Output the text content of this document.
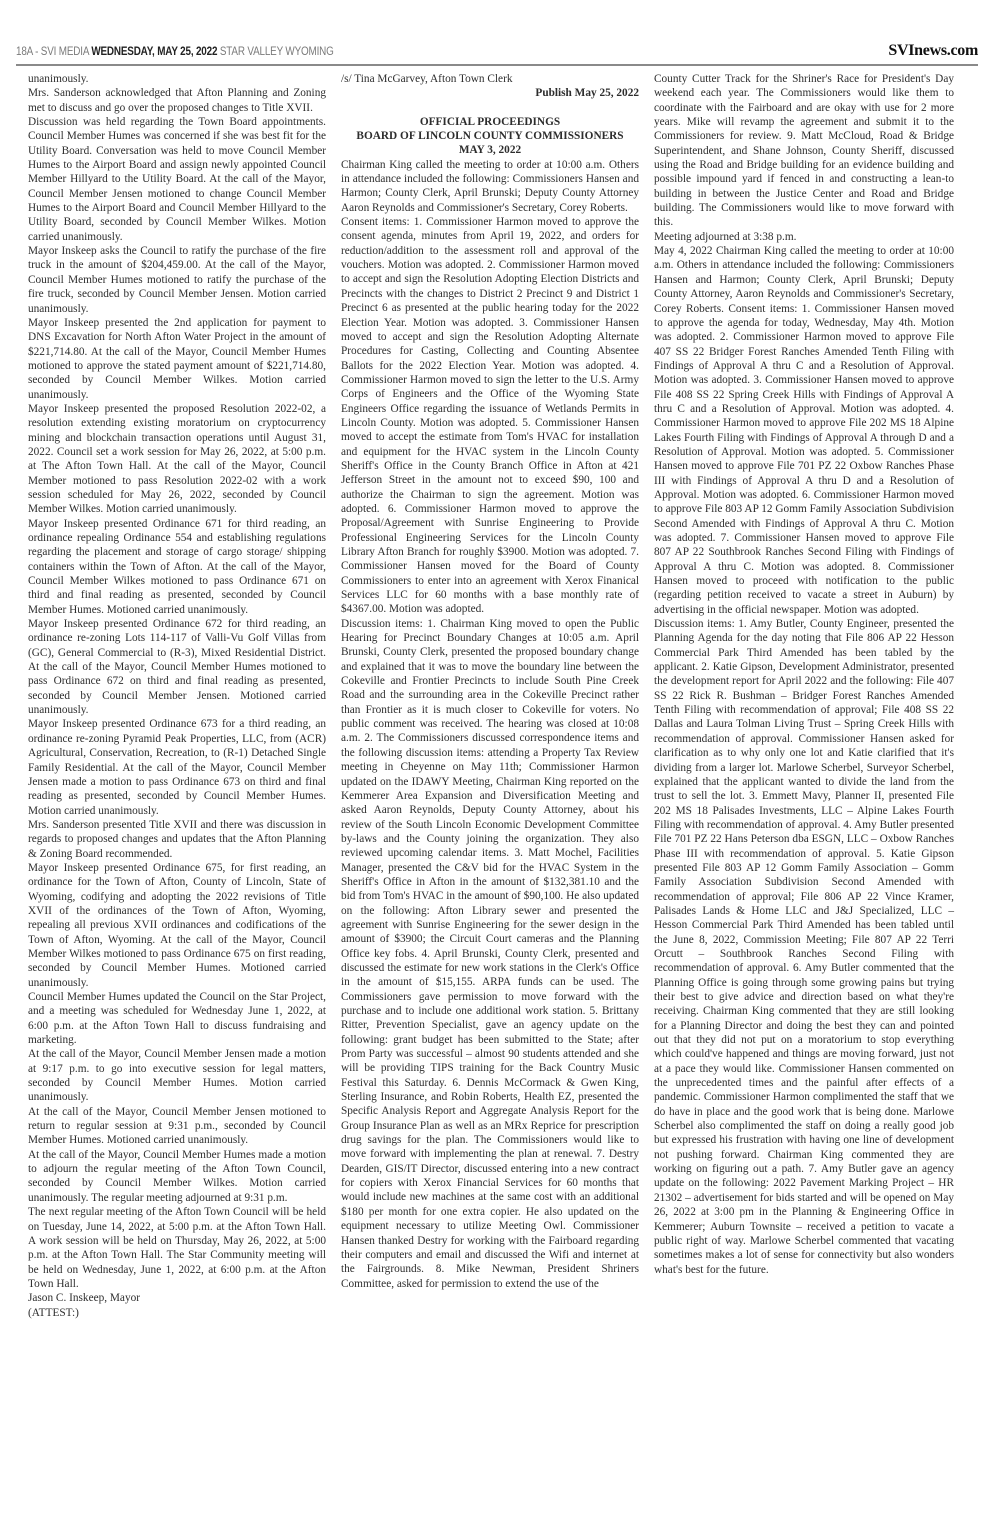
18A - SVI MEDIA WEDNESDAY, MAY 25, 2022 STAR VALLEY WYOMING	SVInews.com

unanimously.

Mrs. Sanderson acknowledged that Afton Planning and Zoning met to discuss and go over the proposed changes to Title XVII.

Discussion was held regarding the Town Board appointments. Council Member Humes was concerned if she was best fit for the Utility Board. Conversation was held to move Council Member Humes to the Airport Board and assign newly appointed Council Member Hillyard to the Utility Board. At the call of the Mayor, Council Member Jensen motioned to change Council Member Humes to the Airport Board and Council Member Hillyard to the Utility Board, seconded by Council Member Wilkes. Motion carried unanimously.

Mayor Inskeep asks the Council to ratify the purchase of the fire truck in the amount of $204,459.00. At the call of the Mayor, Council Member Humes motioned to ratify the purchase of the fire truck, seconded by Council Member Jensen. Motion carried unanimously.

Mayor Inskeep presented the 2nd application for payment to DNS Excavation for North Afton Water Project in the amount of $221,714.80. At the call of the Mayor, Council Member Humes motioned to approve the stated payment amount of $221,714.80, seconded by Council Member Wilkes. Motion carried unanimously.

Mayor Inskeep presented the proposed Resolution 2022-02, a resolution extending existing moratorium on cryptocurrency mining and blockchain transaction operations until August 31, 2022. Council set a work session for May 26, 2022, at 5:00 p.m. at The Afton Town Hall. At the call of the Mayor, Council Member motioned to pass Resolution 2022-02 with a work session scheduled for May 26, 2022, seconded by Council Member Wilkes. Motion carried unanimously.

Mayor Inskeep presented Ordinance 671 for third reading, an ordinance repealing Ordinance 554 and establishing regulations regarding the placement and storage of cargo storage/ shipping containers within the Town of Afton. At the call of the Mayor, Council Member Wilkes motioned to pass Ordinance 671 on third and final reading as presented, seconded by Council Member Humes. Motioned carried unanimously.

Mayor Inskeep presented Ordinance 672 for third reading, an ordinance re-zoning Lots 114-117 of Valli-Vu Golf Villas from (GC), General Commercial to (R-3), Mixed Residential District. At the call of the Mayor, Council Member Humes motioned to pass Ordinance 672 on third and final reading as presented, seconded by Council Member Jensen. Motioned carried unanimously.

Mayor Inskeep presented Ordinance 673 for a third reading, an ordinance re-zoning Pyramid Peak Properties, LLC, from (ACR) Agricultural, Conservation, Recreation, to (R-1) Detached Single Family Residential. At the call of the Mayor, Council Member Jensen made a motion to pass Ordinance 673 on third and final reading as presented, seconded by Council Member Humes. Motion carried unanimously.

Mrs. Sanderson presented Title XVII and there was discussion in regards to proposed changes and updates that the Afton Planning & Zoning Board recommended.

Mayor Inskeep presented Ordinance 675, for first reading, an ordinance for the Town of Afton, County of Lincoln, State of Wyoming, codifying and adopting the 2022 revisions of Title XVII of the ordinances of the Town of Afton, Wyoming, repealing all previous XVII ordinances and codifications of the Town of Afton, Wyoming. At the call of the Mayor, Council Member Wilkes motioned to pass Ordinance 675 on first reading, seconded by Council Member Humes. Motioned carried unanimously.

Council Member Humes updated the Council on the Star Project, and a meeting was scheduled for Wednesday June 1, 2022, at 6:00 p.m. at the Afton Town Hall to discuss fundraising and marketing.

At the call of the Mayor, Council Member Jensen made a motion at 9:17 p.m. to go into executive session for legal matters, seconded by Council Member Humes. Motion carried unanimously.

At the call of the Mayor, Council Member Jensen motioned to return to regular session at 9:31 p.m., seconded by Council Member Humes. Motioned carried unanimously.

At the call of the Mayor, Council Member Humes made a motion to adjourn the regular meeting of the Afton Town Council, seconded by Council Member Wilkes. Motion carried unanimously. The regular meeting adjourned at 9:31 p.m.

The next regular meeting of the Afton Town Council will be held on Tuesday, June 14, 2022, at 5:00 p.m. at the Afton Town Hall. A work session will be held on Thursday, May 26, 2022, at 5:00 p.m. at the Afton Town Hall. The Star Community meeting will be held on Wednesday, June 1, 2022, at 6:00 p.m. at the Afton Town Hall.

Jason C. Inskeep, Mayor

(ATTEST:)

/s/ Tina McGarvey, Afton Town Clerk

Publish May 25, 2022

OFFICIAL PROCEEDINGS
BOARD OF LINCOLN COUNTY COMMISSIONERS
MAY 3, 2022

Chairman King called the meeting to order at 10:00 a.m. Others in attendance included the following: Commissioners Hansen and Harmon; County Clerk, April Brunski; Deputy County Attorney Aaron Reynolds and Commissioner's Secretary, Corey Roberts.

Consent items: 1. Commissioner Harmon moved to approve the consent agenda, minutes from April 19, 2022, and orders for reduction/addition to the assessment roll and approval of the vouchers. Motion was adopted. 2. Commissioner Harmon moved to accept and sign the Resolution Adopting Election Districts and Precincts with the changes to District 2 Precinct 9 and District 1 Precinct 6 as presented at the public hearing today for the 2022 Election Year. Motion was adopted. 3. Commissioner Hansen moved to accept and sign the Resolution Adopting Alternate Procedures for Casting, Collecting and Counting Absentee Ballots for the 2022 Election Year. Motion was adopted. 4. Commissioner Harmon moved to sign the letter to the U.S. Army Corps of Engineers and the Office of the Wyoming State Engineers Office regarding the issuance of Wetlands Permits in Lincoln County. Motion was adopted. 5. Commissioner Hansen moved to accept the estimate from Tom's HVAC for installation and equipment for the HVAC system in the Lincoln County Sheriff's Office in the County Branch Office in Afton at 421 Jefferson Street in the amount not to exceed $90, 100 and authorize the Chairman to sign the agreement. Motion was adopted. 6. Commissioner Harmon moved to approve the Proposal/Agreement with Sunrise Engineering to Provide Professional Engineering Services for the Lincoln County Library Afton Branch for roughly $3900. Motion was adopted. 7. Commissioner Hansen moved for the Board of County Commissioners to enter into an agreement with Xerox Finanical Services LLC for 60 months with a base monthly rate of $4367.00. Motion was adopted.

Discussion items: 1. Chairman King moved to open the Public Hearing for Precinct Boundary Changes at 10:05 a.m. April Brunski, County Clerk, presented the proposed boundary change and explained that it was to move the boundary line between the Cokeville and Frontier Precincts to include South Pine Creek Road and the surrounding area in the Cokeville Precinct rather than Frontier as it is much closer to Cokeville for voters. No public comment was received. The hearing was closed at 10:08 a.m. 2. The Commissioners discussed correspondence items and the following discussion items: attending a Property Tax Review meeting in Cheyenne on May 11th; Commissioner Harmon updated on the IDAWY Meeting, Chairman King reported on the Kemmerer Area Expansion and Diversification Meeting and asked Aaron Reynolds, Deputy County Attorney, about his review of the South Lincoln Economic Development Committee by-laws and the County joining the organization. They also reviewed upcoming calendar items. 3. Matt Mochel, Facilities Manager, presented the C&V bid for the HVAC System in the Sheriff's Office in Afton in the amount of $132,381.10 and the bid from Tom's HVAC in the amount of $90,100. He also updated on the following: Afton Library sewer and presented the agreement with Sunrise Engineering for the sewer design in the amount of $3900; the Circuit Court cameras and the Planning Office key fobs. 4. April Brunski, County Clerk, presented and discussed the estimate for new work stations in the Clerk's Office in the amount of $15,155. ARPA funds can be used. The Commissioners gave permission to move forward with the purchase and to include one additional work station. 5. Brittany Ritter, Prevention Specialist, gave an agency update on the following: grant budget has been submitted to the State; after Prom Party was successful – almost 90 students attended and she will be providing TIPS training for the Back Country Music Festival this Saturday. 6. Dennis McCormack & Gwen King, Sterling Insurance, and Robin Roberts, Health EZ, presented the Specific Analysis Report and Aggregate Analysis Report for the Group Insurance Plan as well as an MRx Reprice for prescription drug savings for the plan. The Commissioners would like to move forward with implementing the plan at renewal. 7. Destry Dearden, GIS/IT Director, discussed entering into a new contract for copiers with Xerox Financial Services for 60 months that would include new machines at the same cost with an additional $180 per month for one extra copier. He also updated on the equipment necessary to utilize Meeting Owl. Commissioner Hansen thanked Destry for working with the Fairboard regarding their computers and email and discussed the Wifi and internet at the Fairgrounds. 8. Mike Newman, President Shriners Committee, asked for permission to extend the use of the

County Cutter Track for the Shriner's Race for President's Day weekend each year. The Commissioners would like them to coordinate with the Fairboard and are okay with use for 2 more years. Mike will revamp the agreement and submit it to the Commissioners for review. 9. Matt McCloud, Road & Bridge Superintendent, and Shane Johnson, County Sheriff, discussed using the Road and Bridge building for an evidence building and possible impound yard if fenced in and constructing a lean-to building in between the Justice Center and Road and Bridge building. The Commissioners would like to move forward with this.

Meeting adjourned at 3:38 p.m.

May 4, 2022 Chairman King called the meeting to order at 10:00 a.m. Others in attendance included the following: Commissioners Hansen and Harmon; County Clerk, April Brunski; Deputy County Attorney, Aaron Reynolds and Commissioner's Secretary, Corey Roberts. Consent items: 1. Commissioner Hansen moved to approve the agenda for today, Wednesday, May 4th. Motion was adopted. 2. Commissioner Harmon moved to approve File 407 SS 22 Bridger Forest Ranches Amended Tenth Filing with Findings of Approval A thru C and a Resolution of Approval. Motion was adopted. 3. Commissioner Hansen moved to approve File 408 SS 22 Spring Creek Hills with Findings of Approval A thru C and a Resolution of Approval. Motion was adopted. 4. Commissioner Harmon moved to approve File 202 MS 18 Alpine Lakes Fourth Filing with Findings of Approval A through D and a Resolution of Approval. Motion was adopted. 5. Commissioner Hansen moved to approve File 701 PZ 22 Oxbow Ranches Phase III with Findings of Approval A thru D and a Resolution of Approval. Motion was adopted. 6. Commissioner Harmon moved to approve File 803 AP 12 Gomm Family Association Subdivision Second Amended with Findings of Approval A thru C. Motion was adopted. 7. Commissioner Hansen moved to approve File 807 AP 22 Southbrook Ranches Second Filing with Findings of Approval A thru C. Motion was adopted. 8. Commissioner Hansen moved to proceed with notification to the public (regarding petition received to vacate a street in Auburn) by advertising in the official newspaper. Motion was adopted.

Discussion items: 1. Amy Butler, County Engineer, presented the Planning Agenda for the day noting that File 806 AP 22 Hesson Commercial Park Third Amended has been tabled by the applicant. 2. Katie Gipson, Development Administrator, presented the development report for April 2022 and the following: File 407 SS 22 Rick R. Bushman – Bridger Forest Ranches Amended Tenth Filing with recommendation of approval; File 408 SS 22 Dallas and Laura Tolman Living Trust – Spring Creek Hills with recommendation of approval. Commissioner Hansen asked for clarification as to why only one lot and Katie clarified that it's dividing from a larger lot. Marlowe Scherbel, Surveyor Scherbel, explained that the applicant wanted to divide the land from the trust to sell the lot. 3. Emmett Mavy, Planner II, presented File 202 MS 18 Palisades Investments, LLC – Alpine Lakes Fourth Filing with recommendation of approval. 4. Amy Butler presented File 701 PZ 22 Hans Peterson dba ESGN, LLC – Oxbow Ranches Phase III with recommendation of approval. 5. Katie Gipson presented File 803 AP 12 Gomm Family Association – Gomm Family Association Subdivision Second Amended with recommendation of approval; File 806 AP 22 Vince Kramer, Palisades Lands & Home LLC and J&J Specialized, LLC – Hesson Commercial Park Third Amended has been tabled until the June 8, 2022, Commission Meeting; File 807 AP 22 Terri Orcutt – Southbrook Ranches Second Filing with recommendation of approval. 6. Amy Butler commented that the Planning Office is going through some growing pains but trying their best to give advice and direction based on what they're receiving. Chairman King commented that they are still looking for a Planning Director and doing the best they can and pointed out that they did not put on a moratorium to stop everything which could've happened and things are moving forward, just not at a pace they would like. Commissioner Hansen commented on the unprecedented times and the painful after effects of a pandemic. Commissioner Harmon complimented the staff that we do have in place and the good work that is being done. Marlowe Scherbel also complimented the staff on doing a really good job but expressed his frustration with having one line of development not pushing forward. Chairman King commented they are working on figuring out a path. 7. Amy Butler gave an agency update on the following: 2022 Pavement Marking Project – HR 21302 – advertisement for bids started and will be opened on May 26, 2022 at 3:00 pm in the Planning & Engineering Office in Kemmerer; Auburn Townsite – received a petition to vacate a public right of way. Marlowe Scherbel commented that vacating sometimes makes a lot of sense for connectivity but also wonders what's best for the future.
